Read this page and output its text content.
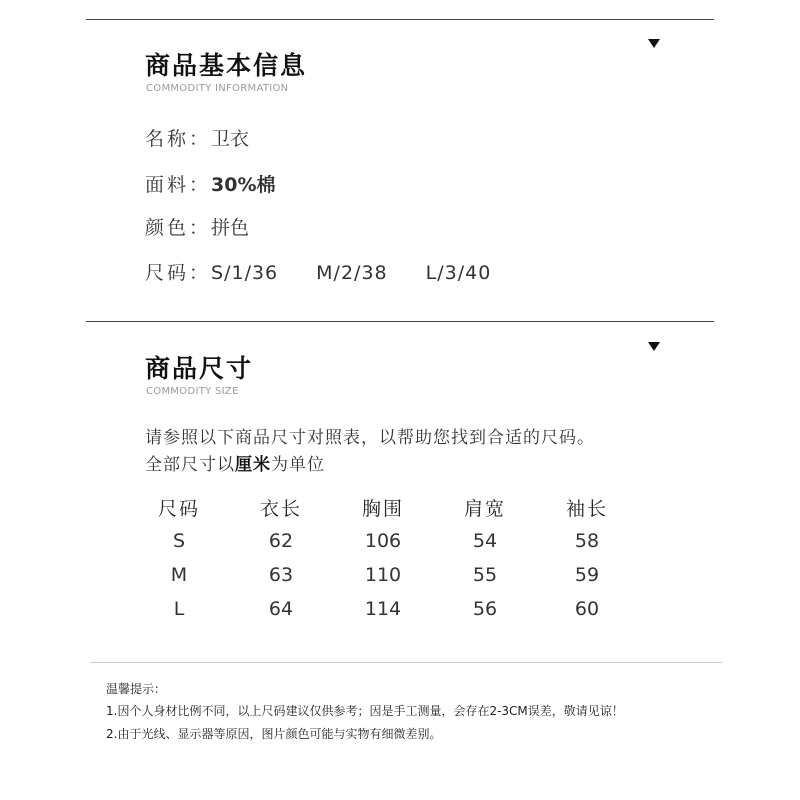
商品基本信息
COMMODITY INFORMATION
名称：卫衣
面料：30%棉
颜色：拼色
尺码：S/1/36 M/2/38 L/3/40
商品尺寸
COMMODITY SIZE
请参照以下商品尺寸对照表，以帮助您找到合适的尺码。
全部尺寸以厘米为单位
尺码	衣长	胸围	肩宽	袖长
S	62	106	54	58
M	63	110	55	59
L	64	114	56	60
温馨提示：
1.因个人身材比例不同，以上尺码建议仅供参考；因是手工测量，会存在2-3CM误差，敬请见谅！
2.由于光线、显示器等原因，图片颜色可能与实物有细微差别。
